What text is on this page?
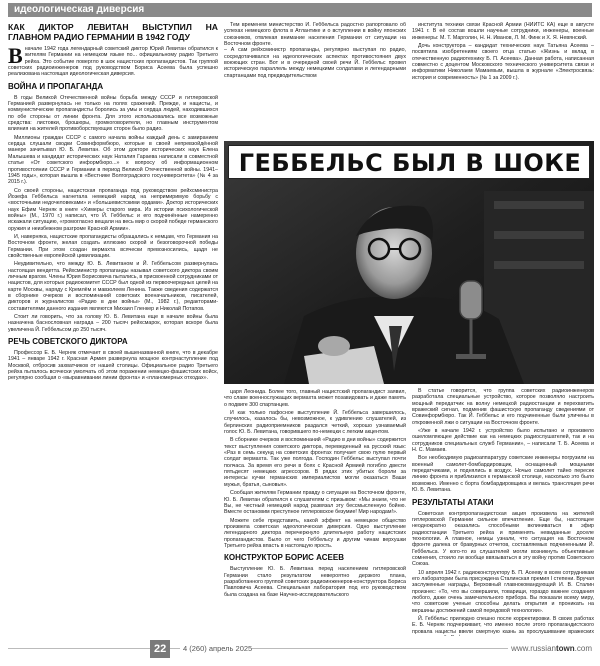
идеологическая диверсия
КАК ДИКТОР ЛЕВИТАН ВЫСТУПИЛ НА ГЛАВНОМ РАДИО ГЕРМАНИИ В 1942 ГОДУ

Вначале 1942 года легендарный советский диктор Юрий Левитан обратился к жителям Германии на немецком языке по... официальному радио Третьего рейха. Это событие повергло в шок нацистских пропагандистов. Так группой советских радиоинженеров под руководством Бориса Асеева была успешно реализована настоящая идеологическая диверсия.

ВОЙНА И ПРОПАГАНДА

В годы Великой Отечественной войны борьба между СССР и гитлеровской Германией развернулась не только на полях сражений. Прежде, и нацисты, и коммунистические пропагандисты боролись за умы и сердца людей, находившихся по обе стороны от линии фронта. Для этого использовались все возможные средства: листовки, брошюры, громкоговорители, но главным инструментом влияния на жителей противоборствующих сторон было радио.

Миллионы граждан СССР с самого начала войны каждый день с замиранием сердца слушали сводки Совинформбюро, которые в своей непревзойдённой манере зачитывал Ю. Б. Левитан. Об этом докторе исторических наук Елена Малышева и кандидат исторических наук Наталия Гараева написали в совместной статье «От советского информбюро...» к вопросу об информационном противостоянии СССР и Германии в период Великой Отечественной войны. 1941–1945 годы», которая вышла в «Вестнике Волгоградского госуниверситета» (№ 4 за 2015 г.).

Со своей стороны, нацистская пропаганда под руководством рейхсминистра Йозефа Геббельса нагнетала немецкий народ на непримиримую борьбу с «восточными недочеловеками» и «большевистскими ордами». Доктор исторических наук Ефим Черняк в книге «Химеры старого мира. Из истории психологической войны» (М., 1970 г.) написал, что Й. Геббельс и его подчинённые намеренно искажали ситуацию, «громогласно вещали на весь мир о скорой победе германского оружия и неизбежном разгроме Красной Армии».

И, наверняка, нацистские пропагандисты обращались к немцам, что Германия на Восточном фронте, желая создать иллюзию скорой и безоговорочной победы Германии. При этом создан вермахта всячески превозносились, щадя не свойственные европейской цивилизации.

Неудивительно, что между Ю. Б. Левитаном и Й. Геббельсом развернулась настоящая вендетта. Рейхсминистр пропаганды называл советского диктора своим личным врагом. Члены Юрия Борисовича пытались, в присвоенной сотрудниками от нацистов, для которых радиокомитет СССР был одной из первоочередных целей на карте Москвы, наряду с Кремлём и мавзолеем Ленина. Также сведения содержатся в сборнике очерков и воспоминаний советских военачальников, писателей, дикторов и журналистов «Радио в дни войны» (М., 1982 г.), редакторами-составителями данного издания являются Михаил Гленкер и Николай Потапов.

Стоит ли говорить, что за голову Ю. Б. Левитана еще в начале войны была назначена баснословная награда – 200 тысяч рейхсмарок, которая вскоре была увеличена Й. Геббельсом до 250 тысяч.

РЕЧЬ СОВЕТСКОГО ДИКТОРА

Профессор Е. Б. Черняк отмечает в своей вышеназванной книге, что в декабре 1941 – январе 1942 г. Красная Армия развернула мощное контрнаступление под Москвой, отбросив захватчиков от нашей столицы. Официальное радио Третьего рейха пыталось всячески умолчать об этом поражении немецко-фашистских войск, регулярно сообщая о «выравнивании линии фронта» и «планомерных отходах».

Тем временем министерство Й. Геббельса радостно рапортовало об успехах немецкого флота в Атлантике и о вступлении в войну японских союзников, отвлекая внимание населения Германии от ситуации на Восточном фронте.
– А сам рейхсминистр пропаганды, регулярно выступая по радио, сосредотачивался на идеологических аспектах противостояния двух воюющих стран. Вот и в очередной своей речи Й. Геббельс провел историческую параллель между немецкими солдатами и легендарными спартанцами под предводительством

царя Леонида. Более того, главный нацистский пропагандист заявил, что славе военнослужащих вермахта может позавидовать и даже память о подвиге 300 спартанцев.

И как только пафосное выступление Й. Геббельса завершилось, случилось, казалось бы, невозможное, к удивлению слушателей, из берлинских радиоприемников раздался четкий, хорошо узнаваемый голос Ю. Б. Левитана, говорившего по-немецки с легким акцентом.

В сборнике очерков и воспоминаний «Радио в дни войны» содержится текст выступления советского диктора, переведенный на русский язык: «Раз в семь секунд на советских фронтах получает свою пулю первый солдат вермахта. Так уже полгода. Господин Геббельс выступал почти полчаса. За время его речи в боях с Красной Армией погибло двести пятьдесят немецких агрессоров. В рядах этих убитых бороли за интересы кучки германских империалистов могли оказаться Ваши мужья, братья, сыновья».

Сообщая жителям Германии правду о ситуации на Восточном фронте, Ю. Б. Левитан обратился к слушателям с призывом: «Мы знаем, что не Вы, не честный немецкий народ развязал эту бессмысленную бойню. Вместе остановим преступное гитлеровское безумие! Мир народам!».

Можете себе представить, какой эффект на немецкое общество произвела советская идеологическая диверсия. Одно выступление легендарного диктора перечеркнуло длительную работу нацистских пропагандистов. Было от чего Геббельсу и другим чинам верхушки Третьего рейха впасть в настоящую ярость.

КОНСТРУКТОР БОРИС АСЕЕВ

Выступление Ю. Б. Левитана перед населением гитлеровской Германии стало результатом невероятно дерзкого плана, разработанного группой советских радиоинженеров-конструктора Бориса Павловича Асеева. Специальная лаборатория под его руководством была создана на базе Научно-исследовательского

института техники связи Красной Армии (НИИТС КА) еще в августе 1941 г. В её состав вошли научные сотрудники, инженеры, военные инженеры: М. Т. Марголин, Н. Н. Иванов, Л. М. Финк и Х. Я. Невянский.

Дочь конструктора – кандидат технических наук Татьяна Асеева – посвятила изобретениям своего отца статью «Жизнь и вклад в отечественную радиотехнику Б. П. Асеева». Данная работа, написанная совместно с доцентом Московского технического университета связи и информатики Николаем Мамаевым, вышла в журнале «Электросвязь: история и современность» (№ 1 за 2009 г.).

В статье говорится, что группа советских радиоинженеров разработала специальные устройство, которое позволяло настроить мощный передатчик на волну немецкой радиостанции и перехватить вражеский сигнал, подменив фашистскую пропаганду сведениями от Совинформбюро. Так Й. Геббельс и его подчиненные были уличены в откровенной лжи о ситуации на Восточном фронте.

«Уже в начале 1942 г. устройство было испытано и произвело ошеломляющее действие как на немецких радиослушателей, так и на сотрудников специальных служб Германии», – написали Т. Б. Асеева и Н. С. Мамаев.

Все необходимую радиоаппаратуру советские инженеры погрузили на военный самолет-бомбардировщик, оснащенный мощными передатчиками, и поднялись в воздух. Ночью самолет тайно пересек линию фронта и приблизился к германской столице, насколько это было возможно. Именно с борта бомбардировщика и велась трансляция речи Ю. Б. Левитана.

РЕЗУЛЬТАТЫ АТАКИ

Советская контрпропагандистская акция произвела на жителей гитлеровской Германии сильное впечатление. Еще бы, настоящее неоднократно оказались способными вклиниваться в эфир радиостанции Третьего рейха и применять невиданные доселе технологии. А главное, немцы узнали, что ситуация на Восточном фронте далека от бравурных отчетов, составляемых подчиненными Й. Геббельса. У кого-то из слушателей могли возникнуть объективные сомнения, стоило ли вообще ввязываться в эту войну против Советского Союза.

10 апреля 1942 г. радиоконструктору Б. П. Асееву в всем сотрудникам его лаборатории была присуждена Сталинская премия I степени. Вручая заслуженные награды, Верховный главнокомандующий И. В. Сталин произнес: «То, что вы совершили, товарищи, гораздо важнее создания любого, даже очень замечательного прибора. Вы показали всему миру, что советские ученые способны делать открытия и проникать на вершины достижений самой передовой технологии».

Й. Геббельс прилюдно спешно после корректировки. В своих работах Е. Б. Черняк подчеркивает, что именно после этого пропагандистского провала нацисты ввели смертную казнь за прослушивание вражеских

ГЕББЕЛЬС БЫЛ В ШОКЕ
22	4 (260) апрель 2025	www.russiantown.com
